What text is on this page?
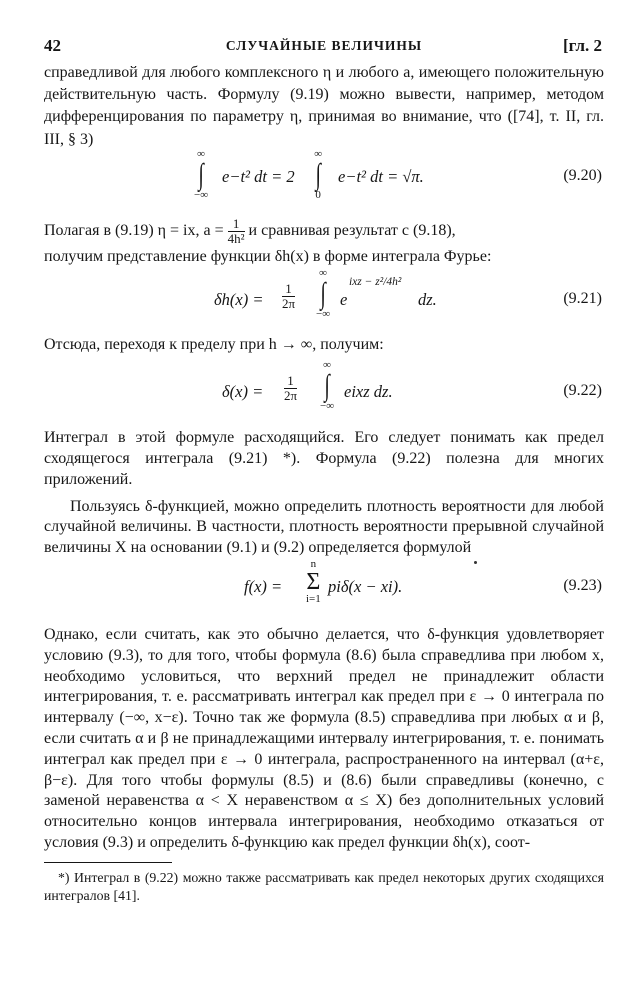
42	СЛУЧАЙНЫЕ ВЕЛИЧИНЫ	[гл. 2

справедливой для любого комплексного η и любого a, имеющего положительную действительную часть. Формулу (9.19) можно вывести, например, методом дифференцирования по параметру η, принимая во внимание, что ([74], т. II, гл. III, § 3)

∞
∫
−∞
e−t² dt = 2
∞
∫
0
e−t² dt = √π.	(9.20)

Полагая в (9.19) η = ix, $a = \frac{1}{\text{4h²}}$ и сравнивая результат с (9.18),
получим представление функции δh(x) в форме интеграла Фурье:

$\delta h(x) = \frac{1}{2\pi}$
∞
∫
−∞
e
ixz − z²/4h²
dz.	(9.21)

Отсюда, переходя к пределу при h → ∞, получим:

$\delta(x) = \frac{1}{2\pi}$
∞
∫
−∞
eixz dz.	(9.22)

Интеграл в этой формуле расходящийся. Его следует понимать как предел сходящегося интеграла (9.21) *). Формула (9.22) полезна для многих приложений.

Пользуясь δ-функцией, можно определить плотность вероятности для любой случайной величины. В частности, плотность вероятности прерывной случайной величины X на основании (9.1) и (9.2) определяется формулой

f(x) =
n
Σ
i=1
piδ(x − xi).	(9.23)

Однако, если считать, как это обычно делается, что δ-функция удовлетворяет условию (9.3), то для того, чтобы формула (8.6) была справедлива при любом x, необходимо условиться, что верхний предел не принадлежит области интегрирования, т. е. рассматривать интеграл как предел при ε → 0 интеграла по интервалу (−∞, x−ε). Точно так же формула (8.5) справедлива при любых α и β, если считать α и β не принадлежащими интервалу интегрирования, т. е. понимать интеграл как предел при ε → 0 интеграла, распространенного на интервал (α+ε, β−ε). Для того чтобы формулы (8.5) и (8.6) были справедливы (конечно, с заменой неравенства α < X неравенством α ≤ X) без дополнительных условий относительно концов интервала интегрирования, необходимо отказаться от условия (9.3) и определить δ-функцию как предел функции δh(x), соот-

*) Интеграл в (9.22) можно также рассматривать как предел некоторых других сходящихся интегралов [41].
